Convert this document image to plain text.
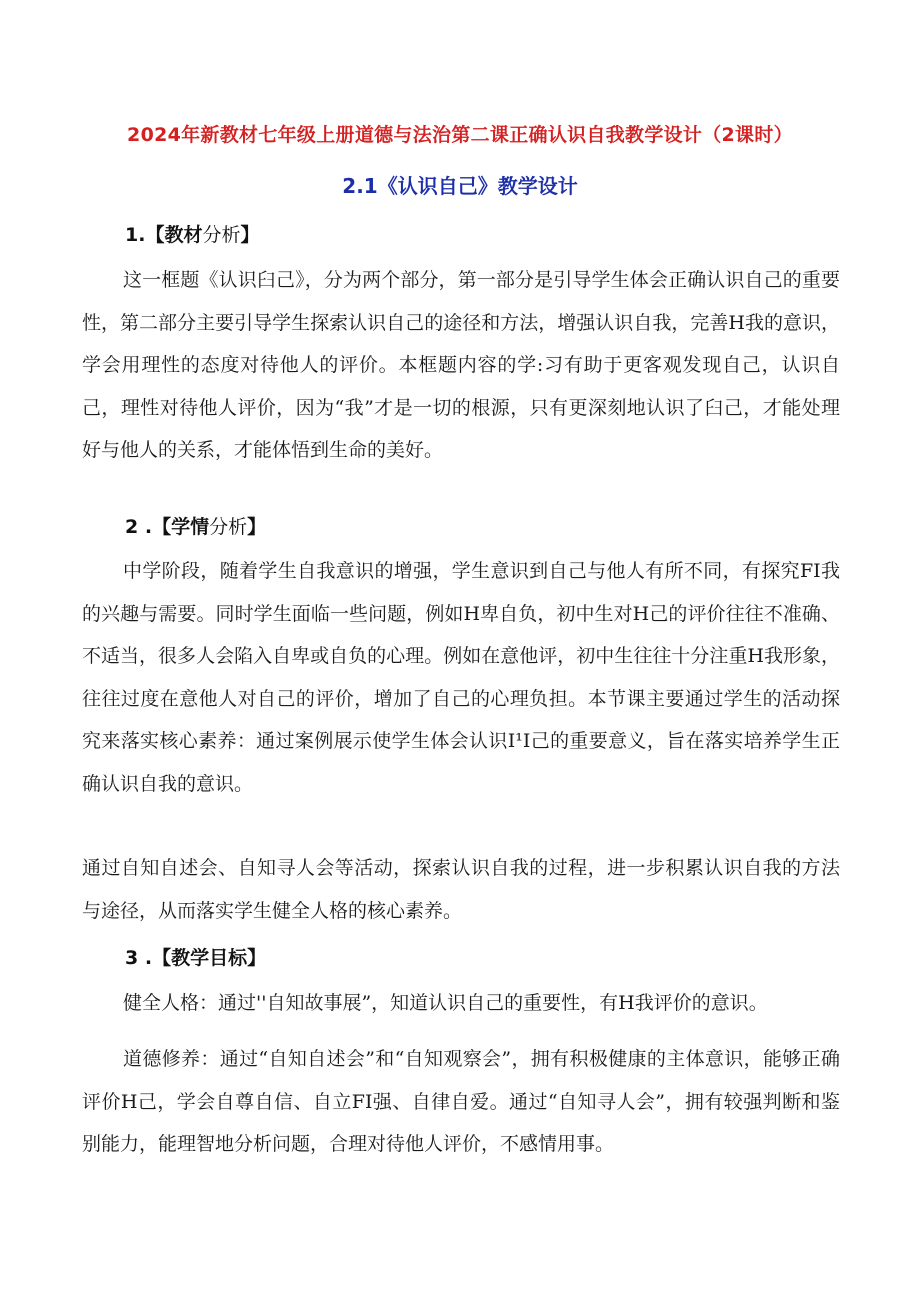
2024年新教材七年级上册道德与法治第二课正确认识自我教学设计（2课时）
2.1《认识自己》教学设计
1.【教材分析】
这一框题《认识臼己》，分为两个部分，第一部分是引导学生体会正确认识自己的重要性，第二部分主要引导学生探索认识自己的途径和方法，增强认识自我，完善H我的意识，学会用理性的态度对待他人的评价。本框题内容的学:习有助于更客观发现自己，认识自己，理性对待他人评价，因为“我”才是一切的根源，只有更深刻地认识了臼己，才能处理好与他人的关系，才能体悟到生命的美好。
2 .【学情分析】
中学阶段，随着学生自我意识的增强，学生意识到自己与他人有所不同，有探究FI我的兴趣与需要。同时学生面临一些问题，例如H卑自负，初中生对H己的评价往往不准确、不适当，很多人会陷入自卑或自负的心理。例如在意他评，初中生往往十分注重H我形象，往往过度在意他人对自己的评价，增加了自己的心理负担。本节课主要通过学生的活动探究来落实核心素养：通过案例展示使学生体会认识I¹I己的重要意义，旨在落实培养学生正确认识自我的意识。
通过自知自述会、自知寻人会等活动，探索认识自我的过程，进一步积累认识自我的方法与途径，从而落实学生健全人格的核心素养。
3 .【教学目标】
健全人格：通过''自知故事展”，知道认识自己的重要性，有H我评价的意识。
道德修养：通过“自知自述会”和“自知观察会”，拥有积极健康的主体意识，能够正确评价H己，学会自尊自信、自立FI强、自律自爱。通过“自知寻人会”，拥有较强判断和鉴别能力，能理智地分析问题，合理对待他人评价，不感情用事。
